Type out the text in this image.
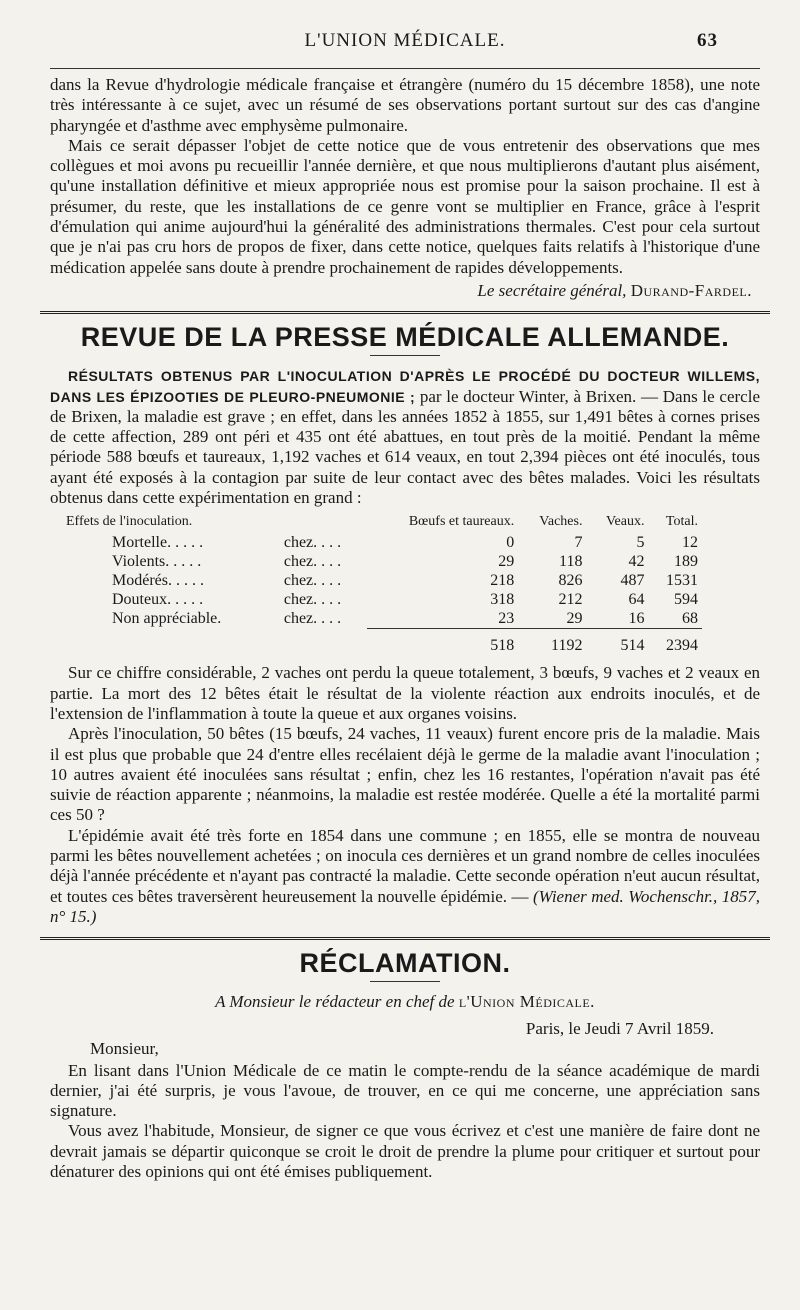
L'UNION MÉDICALE.	63

dans la Revue d'hydrologie médicale française et étrangère (numéro du 15 décembre 1858), une note très intéressante à ce sujet, avec un résumé de ses observations portant surtout sur des cas d'angine pharyngée et d'asthme avec emphysème pulmonaire.

Mais ce serait dépasser l'objet de cette notice que de vous entretenir des observations que mes collègues et moi avons pu recueillir l'année dernière, et que nous multiplierons d'autant plus aisément, qu'une installation définitive et mieux appropriée nous est promise pour la saison prochaine. Il est à présumer, du reste, que les installations de ce genre vont se multiplier en France, grâce à l'esprit d'émulation qui anime aujourd'hui la généralité des administrations thermales. C'est pour cela surtout que je n'ai pas cru hors de propos de fixer, dans cette notice, quelques faits relatifs à l'historique d'une médication appelée sans doute à prendre prochainement de rapides développements.

Le secrétaire général, Durand-Fardel.

REVUE DE LA PRESSE MÉDICALE ALLEMANDE.

RÉSULTATS OBTENUS PAR L'INOCULATION D'APRÈS LE PROCÉDÉ DU DOCTEUR WILLEMS, DANS LES ÉPIZOOTIES DE PLEURO-PNEUMONIE ; par le docteur Winter, à Brixen. — Dans le cercle de Brixen, la maladie est grave ; en effet, dans les années 1852 à 1855, sur 1,491 bêtes à cornes prises de cette affection, 289 ont péri et 435 ont été abattues, en tout près de la moitié. Pendant la même période 588 bœufs et taureaux, 1,192 vaches et 614 veaux, en tout 2,394 pièces ont été inoculés, tous ayant été exposés à la contagion par suite de leur contact avec des bêtes malades. Voici les résultats obtenus dans cette expérimentation en grand :

Effets de l'inoculation.		Bœufs et taureaux.	Vaches.	Veaux.	Total.
Mortelle. . . . .	chez. . . .	0	7	5	12
Violents. . . . .	chez. . . .	29	118	42	189
Modérés. . . . .	chez. . . .	218	826	487	1531
Douteux. . . . .	chez. . . .	318	212	64	594
Non appréciable.	chez. . . .	23	29	16	68

		518	1192	514	2394

Sur ce chiffre considérable, 2 vaches ont perdu la queue totalement, 3 bœufs, 9 vaches et 2 veaux en partie. La mort des 12 bêtes était le résultat de la violente réaction aux endroits inoculés, et de l'extension de l'inflammation à toute la queue et aux organes voisins.

Après l'inoculation, 50 bêtes (15 bœufs, 24 vaches, 11 veaux) furent encore pris de la maladie. Mais il est plus que probable que 24 d'entre elles recélaient déjà le germe de la maladie avant l'inoculation ; 10 autres avaient été inoculées sans résultat ; enfin, chez les 16 restantes, l'opération n'avait pas été suivie de réaction apparente ; néanmoins, la maladie est restée modérée. Quelle a été la mortalité parmi ces 50 ?

L'épidémie avait été très forte en 1854 dans une commune ; en 1855, elle se montra de nouveau parmi les bêtes nouvellement achetées ; on inocula ces dernières et un grand nombre de celles inoculées déjà l'année précédente et n'ayant pas contracté la maladie. Cette seconde opération n'eut aucun résultat, et toutes ces bêtes traversèrent heureusement la nouvelle épidémie. — (Wiener med. Wochenschr., 1857, n° 15.)

RÉCLAMATION.

A Monsieur le rédacteur en chef de l'Union Médicale.

Paris, le Jeudi 7 Avril 1859.
Monsieur,

En lisant dans l'Union Médicale de ce matin le compte-rendu de la séance académique de mardi dernier, j'ai été surpris, je vous l'avoue, de trouver, en ce qui me concerne, une appréciation sans signature.

Vous avez l'habitude, Monsieur, de signer ce que vous écrivez et c'est une manière de faire dont ne devrait jamais se départir quiconque se croit le droit de prendre la plume pour critiquer et surtout pour dénaturer des opinions qui ont été émises publiquement.
